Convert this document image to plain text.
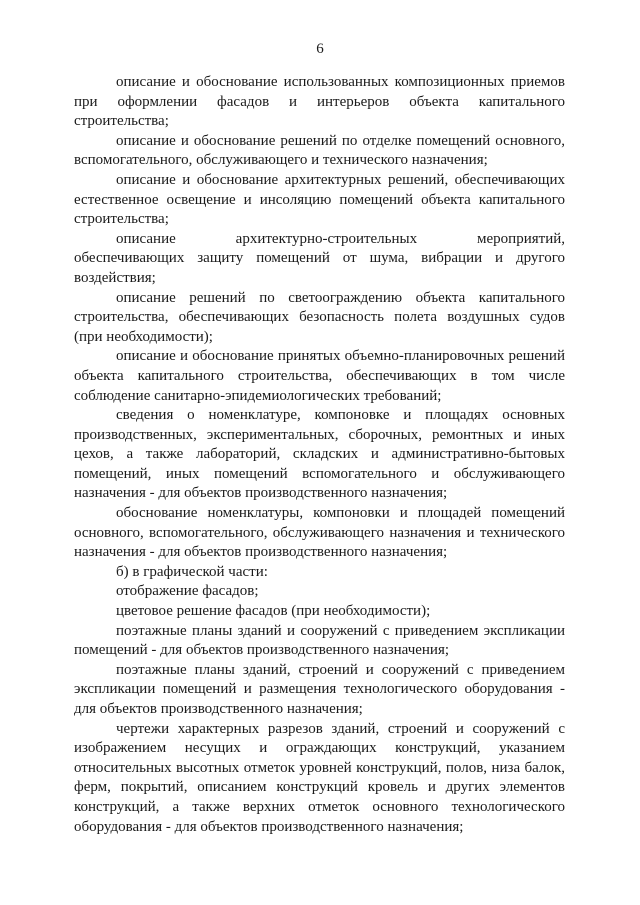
6

описание и обоснование использованных композиционных приемов при оформлении фасадов и интерьеров объекта капитального строительства;

описание и обоснование решений по отделке помещений основного, вспомогательного, обслуживающего и технического назначения;

описание и обоснование архитектурных решений, обеспечивающих естественное освещение и инсоляцию помещений объекта капитального строительства;

описание архитектурно-строительных мероприятий, обеспечивающих защиту помещений от шума, вибрации и другого воздействия;

описание решений по светоограждению объекта капитального строительства, обеспечивающих безопасность полета воздушных судов (при необходимости);

описание и обоснование принятых объемно-планировочных решений объекта капитального строительства, обеспечивающих в том числе соблюдение санитарно-эпидемиологических требований;

сведения о номенклатуре, компоновке и площадях основных производственных, экспериментальных, сборочных, ремонтных и иных цехов, а также лабораторий, складских и административно-бытовых помещений, иных помещений вспомогательного и обслуживающего назначения - для объектов производственного назначения;

обоснование номенклатуры, компоновки и площадей помещений основного, вспомогательного, обслуживающего назначения и технического назначения - для объектов производственного назначения;

б) в графической части:

отображение фасадов;

цветовое решение фасадов (при необходимости);

поэтажные планы зданий и сооружений с приведением экспликации помещений - для объектов производственного назначения;

поэтажные планы зданий, строений и сооружений с приведением экспликации помещений и размещения технологического оборудования - для объектов производственного назначения;

чертежи характерных разрезов зданий, строений и сооружений с изображением несущих и ограждающих конструкций, указанием относительных высотных отметок уровней конструкций, полов, низа балок, ферм, покрытий, описанием конструкций кровель и других элементов конструкций, а также верхних отметок основного технологического оборудования - для объектов производственного назначения;
